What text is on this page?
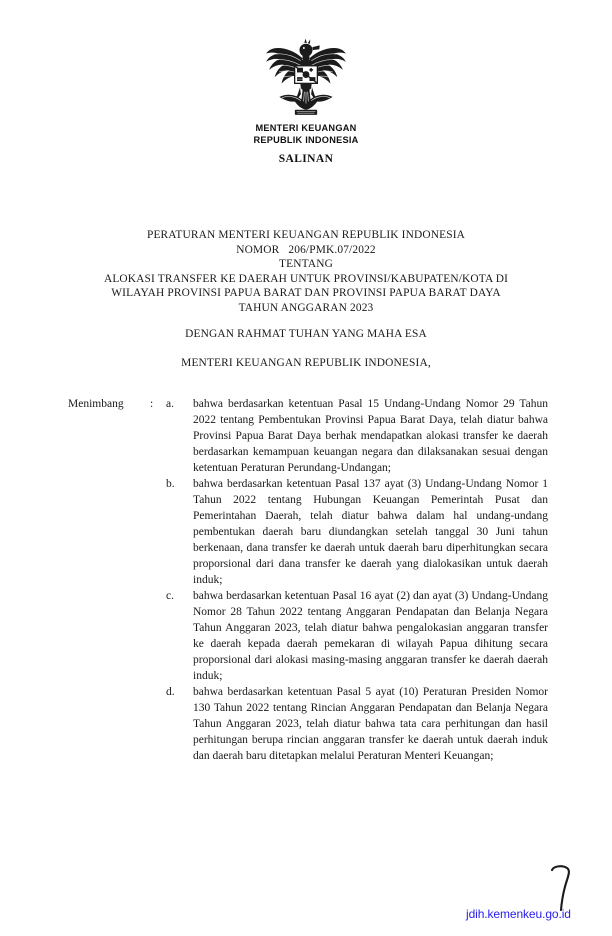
MENTERI KEUANGAN
REPUBLIK INDONESIA
SALINAN
PERATURAN MENTERI KEUANGAN REPUBLIK INDONESIA
NOMOR   206/PMK.07/2022
TENTANG
ALOKASI TRANSFER KE DAERAH UNTUK PROVINSI/KABUPATEN/KOTA DI
WILAYAH PROVINSI PAPUA BARAT DAN PROVINSI PAPUA BARAT DAYA
TAHUN ANGGARAN 2023
DENGAN RAHMAT TUHAN YANG MAHA ESA
MENTERI KEUANGAN REPUBLIK INDONESIA,
Menimbang	:	a.	bahwa berdasarkan ketentuan Pasal 15 Undang-Undang Nomor 29 Tahun 2022 tentang Pembentukan Provinsi Papua Barat Daya, telah diatur bahwa Provinsi Papua Barat Daya berhak mendapatkan alokasi transfer ke daerah berdasarkan kemampuan keuangan negara dan dilaksanakan sesuai dengan ketentuan Peraturan Perundang-Undangan;
b.	bahwa berdasarkan ketentuan Pasal 137 ayat (3) Undang-Undang Nomor 1 Tahun 2022 tentang Hubungan Keuangan Pemerintah Pusat dan Pemerintahan Daerah, telah diatur bahwa dalam hal undang-undang pembentukan daerah baru diundangkan setelah tanggal 30 Juni tahun berkenaan, dana transfer ke daerah untuk daerah baru diperhitungkan secara proporsional dari dana transfer ke daerah yang dialokasikan untuk daerah induk;
c.	bahwa berdasarkan ketentuan Pasal 16 ayat (2) dan ayat (3) Undang-Undang Nomor 28 Tahun 2022 tentang Anggaran Pendapatan dan Belanja Negara Tahun Anggaran 2023, telah diatur bahwa pengalokasian anggaran transfer ke daerah kepada daerah pemekaran di wilayah Papua dihitung secara proporsional dari alokasi masing-masing anggaran transfer ke daerah daerah induk;
d.	bahwa berdasarkan ketentuan Pasal 5 ayat (10) Peraturan Presiden Nomor 130 Tahun 2022 tentang Rincian Anggaran Pendapatan dan Belanja Negara Tahun Anggaran 2023, telah diatur bahwa tata cara perhitungan dan hasil perhitungan berupa rincian anggaran transfer ke daerah untuk daerah induk dan daerah baru ditetapkan melalui Peraturan Menteri Keuangan;
jdih.kemenkeu.go.id
